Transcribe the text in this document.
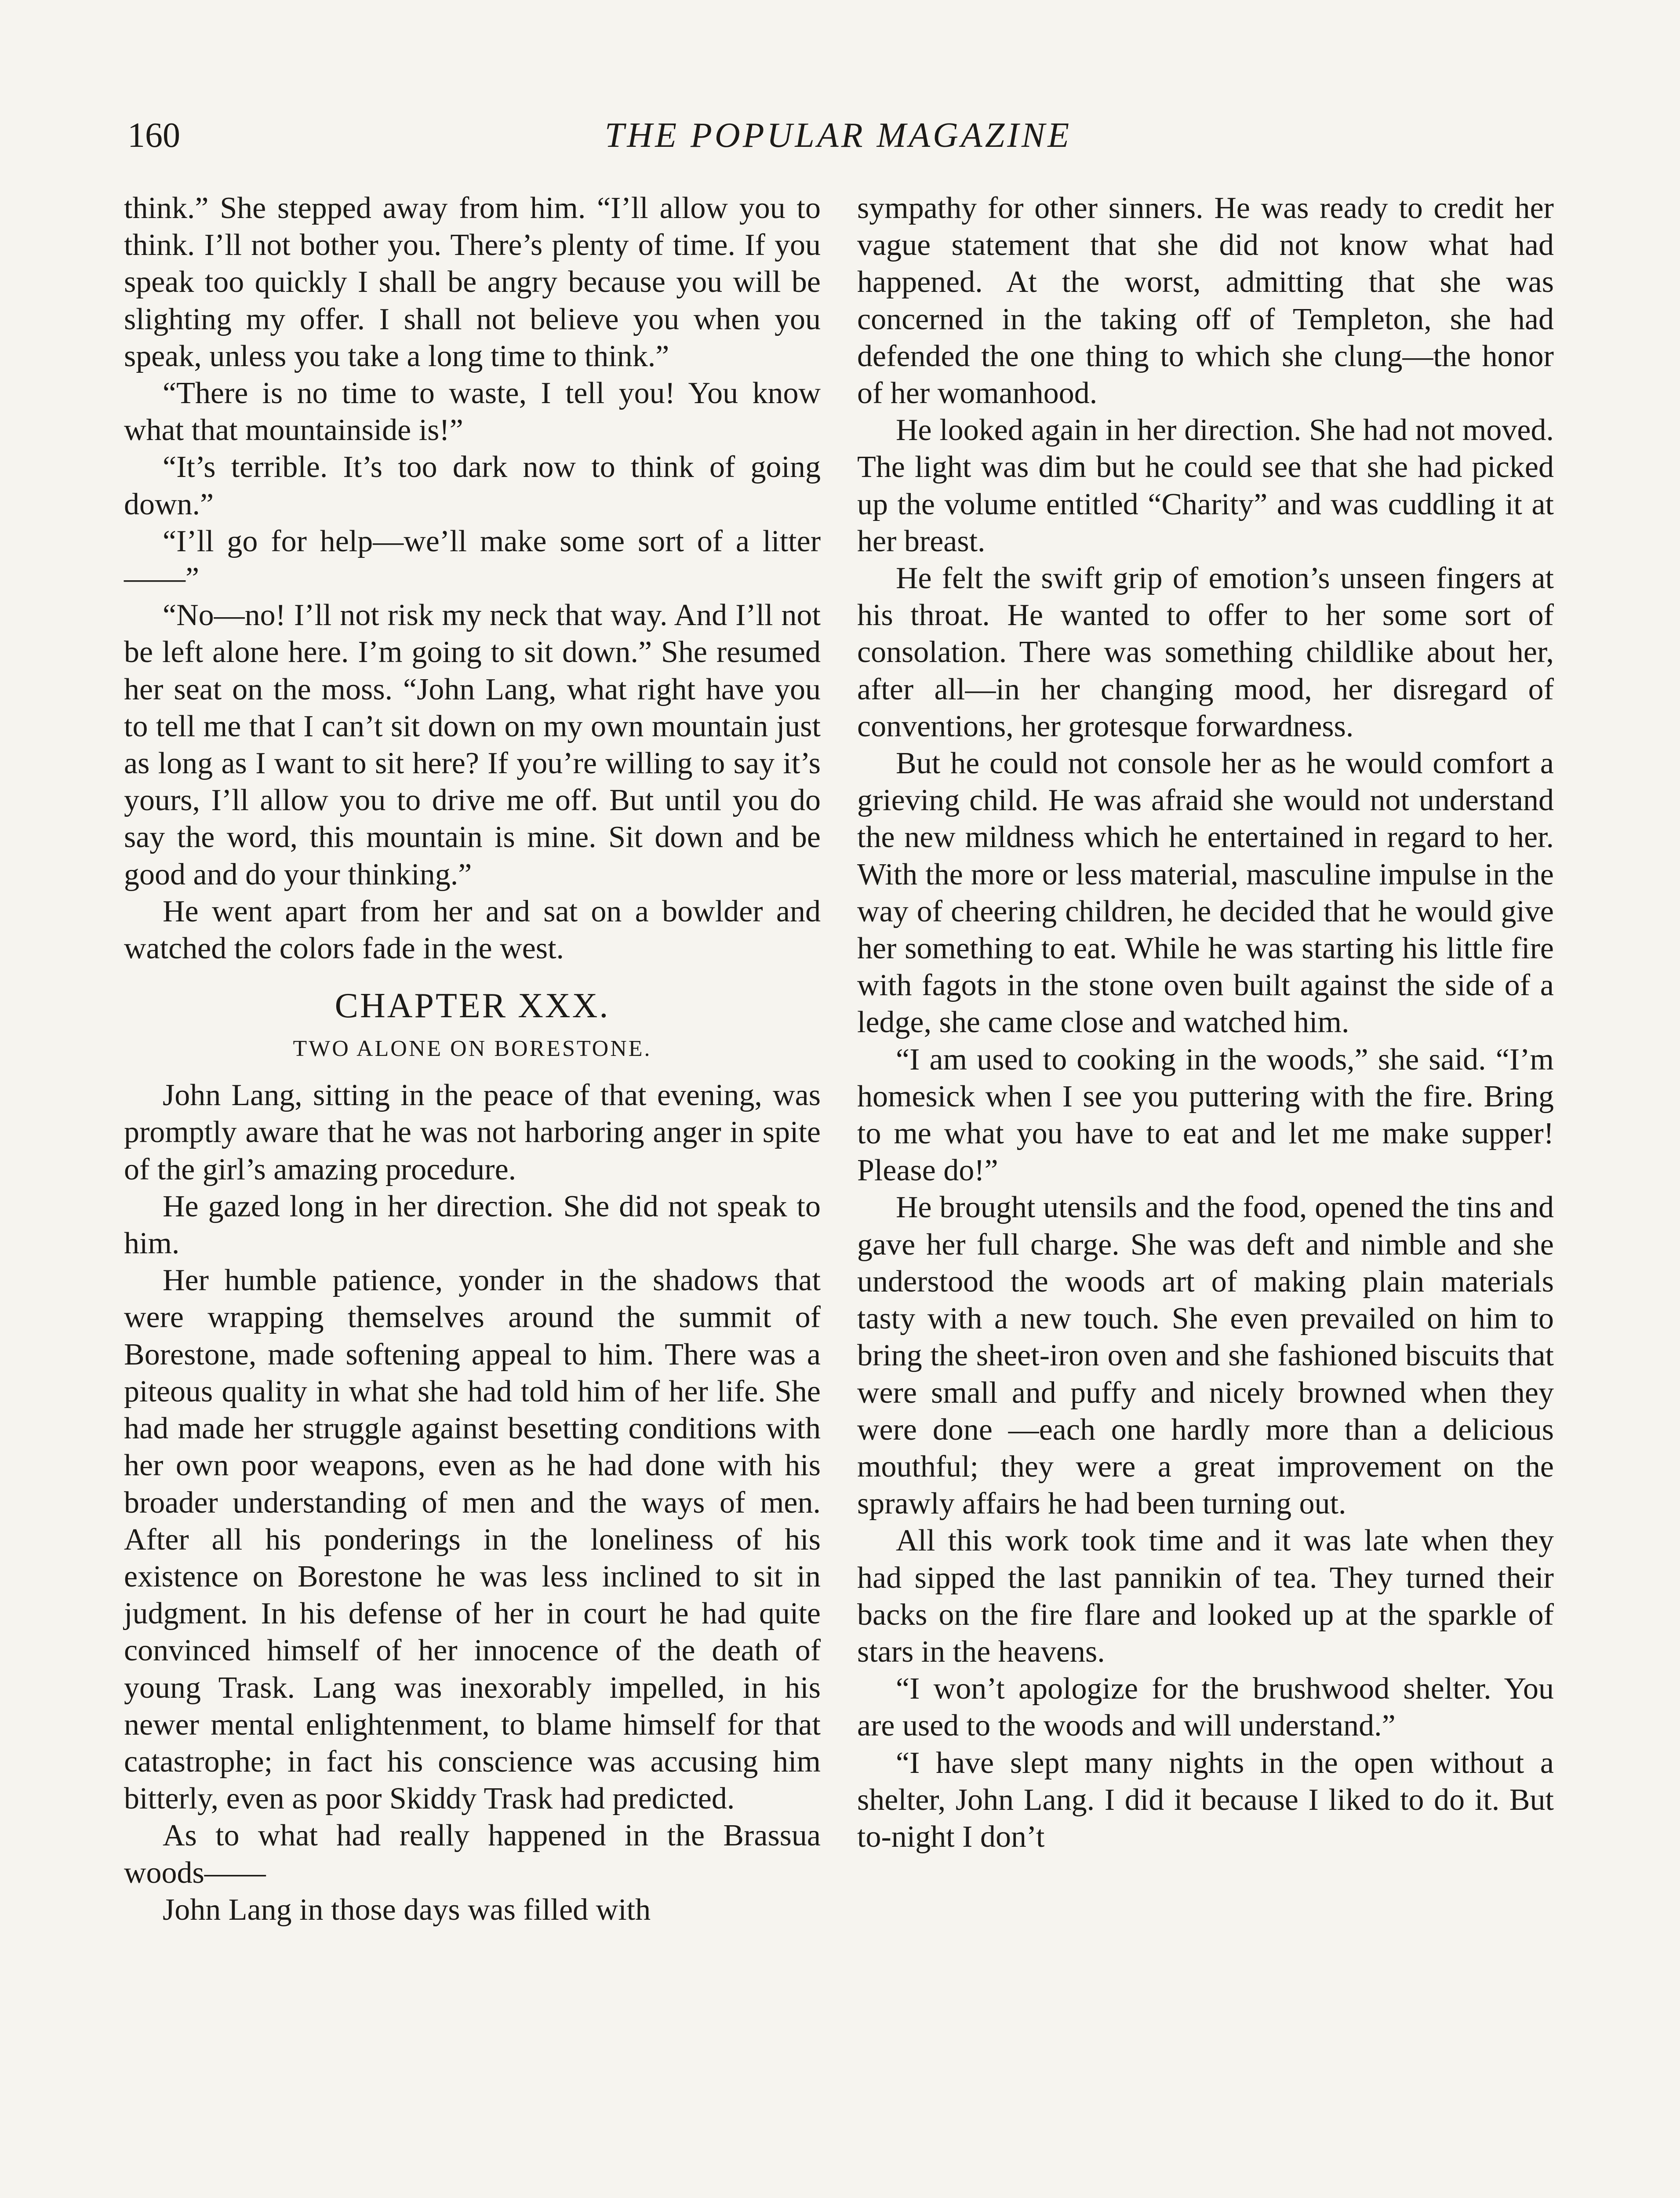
160	THE POPULAR MAGAZINE

think.” She stepped away from him. “I’ll allow you to think. I’ll not bother you. There’s plenty of time. If you speak too quickly I shall be angry because you will be slighting my offer. I shall not believe you when you speak, unless you take a long time to think.”

“There is no time to waste, I tell you! You know what that mountainside is!”

“It’s terrible. It’s too dark now to think of going down.”

“I’ll go for help—we’ll make some sort of a litter——”

“No—no! I’ll not risk my neck that way. And I’ll not be left alone here. I’m going to sit down.” She resumed her seat on the moss. “John Lang, what right have you to tell me that I can’t sit down on my own mountain just as long as I want to sit here? If you’re willing to say it’s yours, I’ll allow you to drive me off. But until you do say the word, this mountain is mine. Sit down and be good and do your thinking.”

He went apart from her and sat on a bowlder and watched the colors fade in the west.

CHAPTER XXX.
TWO ALONE ON BORESTONE.

John Lang, sitting in the peace of that evening, was promptly aware that he was not harboring anger in spite of the girl’s amazing procedure.

He gazed long in her direction. She did not speak to him.

Her humble patience, yonder in the shadows that were wrapping themselves around the summit of Borestone, made softening appeal to him. There was a piteous quality in what she had told him of her life. She had made her struggle against besetting conditions with her own poor weapons, even as he had done with his broader understanding of men and the ways of men. After all his ponderings in the loneliness of his existence on Borestone he was less inclined to sit in judgment. In his defense of her in court he had quite convinced himself of her innocence of the death of young Trask. Lang was inexorably impelled, in his newer mental enlightenment, to blame himself for that catastrophe; in fact his conscience was accusing him bitterly, even as poor Skiddy Trask had predicted.

As to what had really happened in the Brassua woods——

John Lang in those days was filled with

sympathy for other sinners. He was ready to credit her vague statement that she did not know what had happened. At the worst, admitting that she was concerned in the taking off of Templeton, she had defended the one thing to which she clung—the honor of her womanhood.

He looked again in her direction. She had not moved. The light was dim but he could see that she had picked up the volume entitled “Charity” and was cuddling it at her breast.

He felt the swift grip of emotion’s unseen fingers at his throat. He wanted to offer to her some sort of consolation. There was something childlike about her, after all—in her changing mood, her disregard of conventions, her grotesque forwardness.

But he could not console her as he would comfort a grieving child. He was afraid she would not understand the new mildness which he entertained in regard to her. With the more or less material, masculine impulse in the way of cheering children, he decided that he would give her something to eat. While he was starting his little fire with fagots in the stone oven built against the side of a ledge, she came close and watched him.

“I am used to cooking in the woods,” she said. “I’m homesick when I see you puttering with the fire. Bring to me what you have to eat and let me make supper! Please do!”

He brought utensils and the food, opened the tins and gave her full charge. She was deft and nimble and she understood the woods art of making plain materials tasty with a new touch. She even prevailed on him to bring the sheet-iron oven and she fashioned biscuits that were small and puffy and nicely browned when they were done —each one hardly more than a delicious mouthful; they were a great improvement on the sprawly affairs he had been turning out.

All this work took time and it was late when they had sipped the last pannikin of tea. They turned their backs on the fire flare and looked up at the sparkle of stars in the heavens.

“I won’t apologize for the brushwood shelter. You are used to the woods and will understand.”

“I have slept many nights in the open without a shelter, John Lang. I did it because I liked to do it. But to-night I don’t
